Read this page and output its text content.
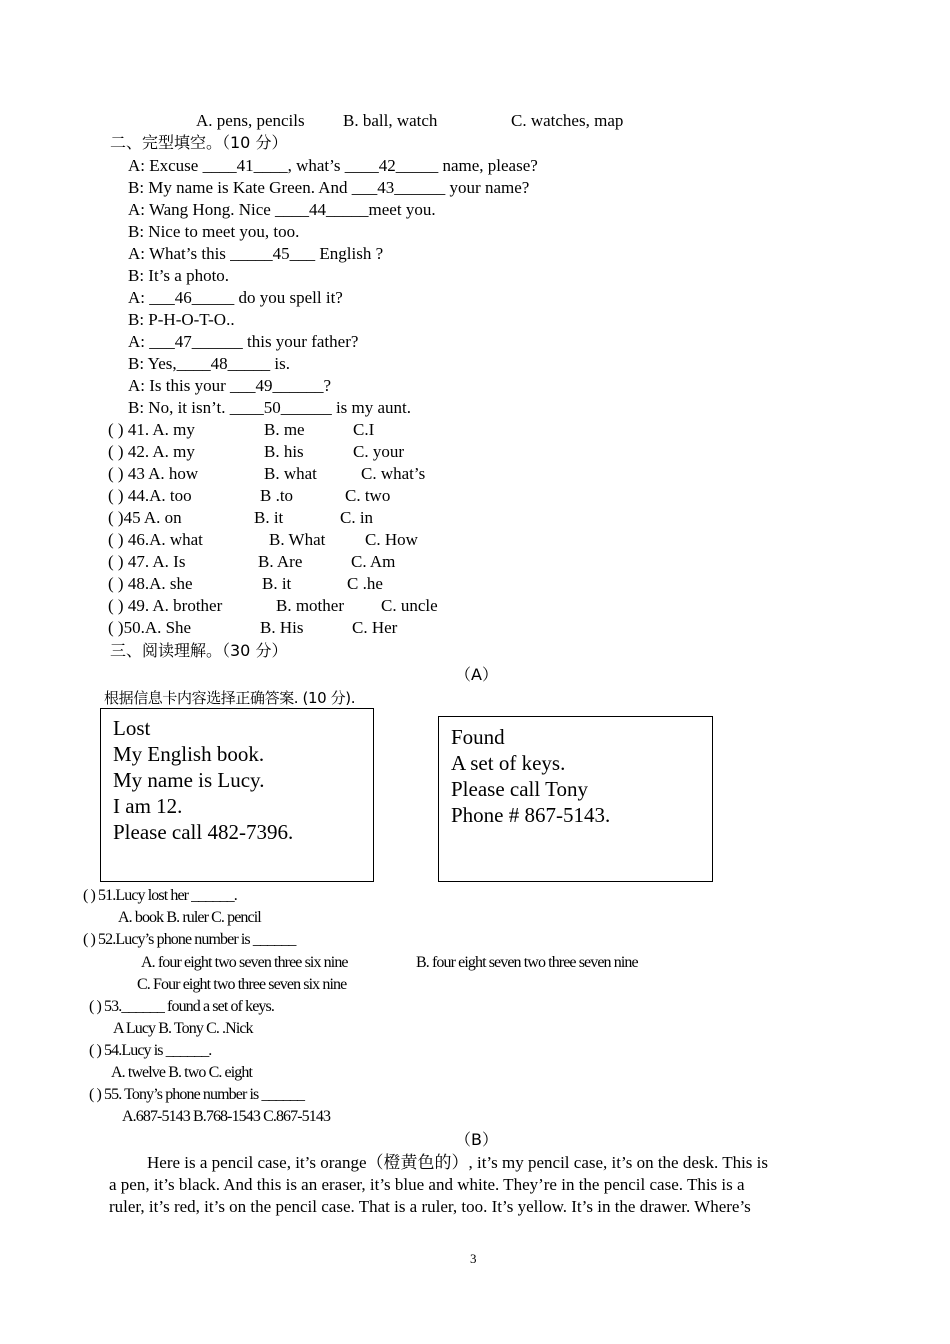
A. pens, pencils B. ball, watch	C. watches, map
二、完型填空。（10 分）
A: Excuse ____41____, what’s ____42_____ name, please?
B: My name is Kate Green. And ___43______ your name?
A: Wang Hong. Nice ____44_____meet you.
B: Nice to meet you, too.
A: What’s this _____45___ English ?
B: It’s a photo.
A: ___46_____ do you spell it?
B: P-H-O-T-O..
A: ___47______ this your father?
B: Yes,____48_____ is.
A: Is this your ___49______?
B: No, it isn’t. ____50______ is my aunt.
( ) 41. A. my	B. me	C.I
( ) 42. A. my	B. his	C. your
( ) 43 A. how	B. what	C. what’s
( ) 44.A. too	B .to	C. two
( )45 A. on	B. it	C. in
( ) 46.A. what	B. What C. How
( ) 47. A. Is	B. Are	C. Am
( ) 48.A. she	B. it	C .he
( ) 49. A. brother	B. mother C. uncle
( )50.A. She	B. His	C. Her
三、阅读理解。（30 分）
（A）
根据信息卡内容选择正确答案. (10 分).
Lost
My English book.
My name is Lucy.
I am 12.
Please call 482-7396.
Found
A set of keys.
Please call Tony
Phone # 867-5143.
( ) 51.Lucy lost her ______.
A. book B. ruler C. pencil
( ) 52.Lucy’s phone number is ______
A. four eight two seven three six nine	B. four eight seven two three seven nine
C. Four eight two three seven six nine
( ) 53.______ found a set of keys.
A Lucy B. Tony C. .Nick
( ) 54.Lucy is ______.
A. twelve B. two C. eight
( ) 55. Tony’s phone number is ______
A.687-5143 B.768-1543 C.867-5143
（B）
Here is a pencil case, it’s orange（橙黄色的）, it’s my pencil case, it’s on the desk. This is
a pen, it’s black. And this is an eraser, it’s blue and white. They’re in the pencil case. This is a
ruler, it’s red, it’s on the pencil case. That is a ruler, too. It’s yellow. It’s in the drawer. Where’s
3
